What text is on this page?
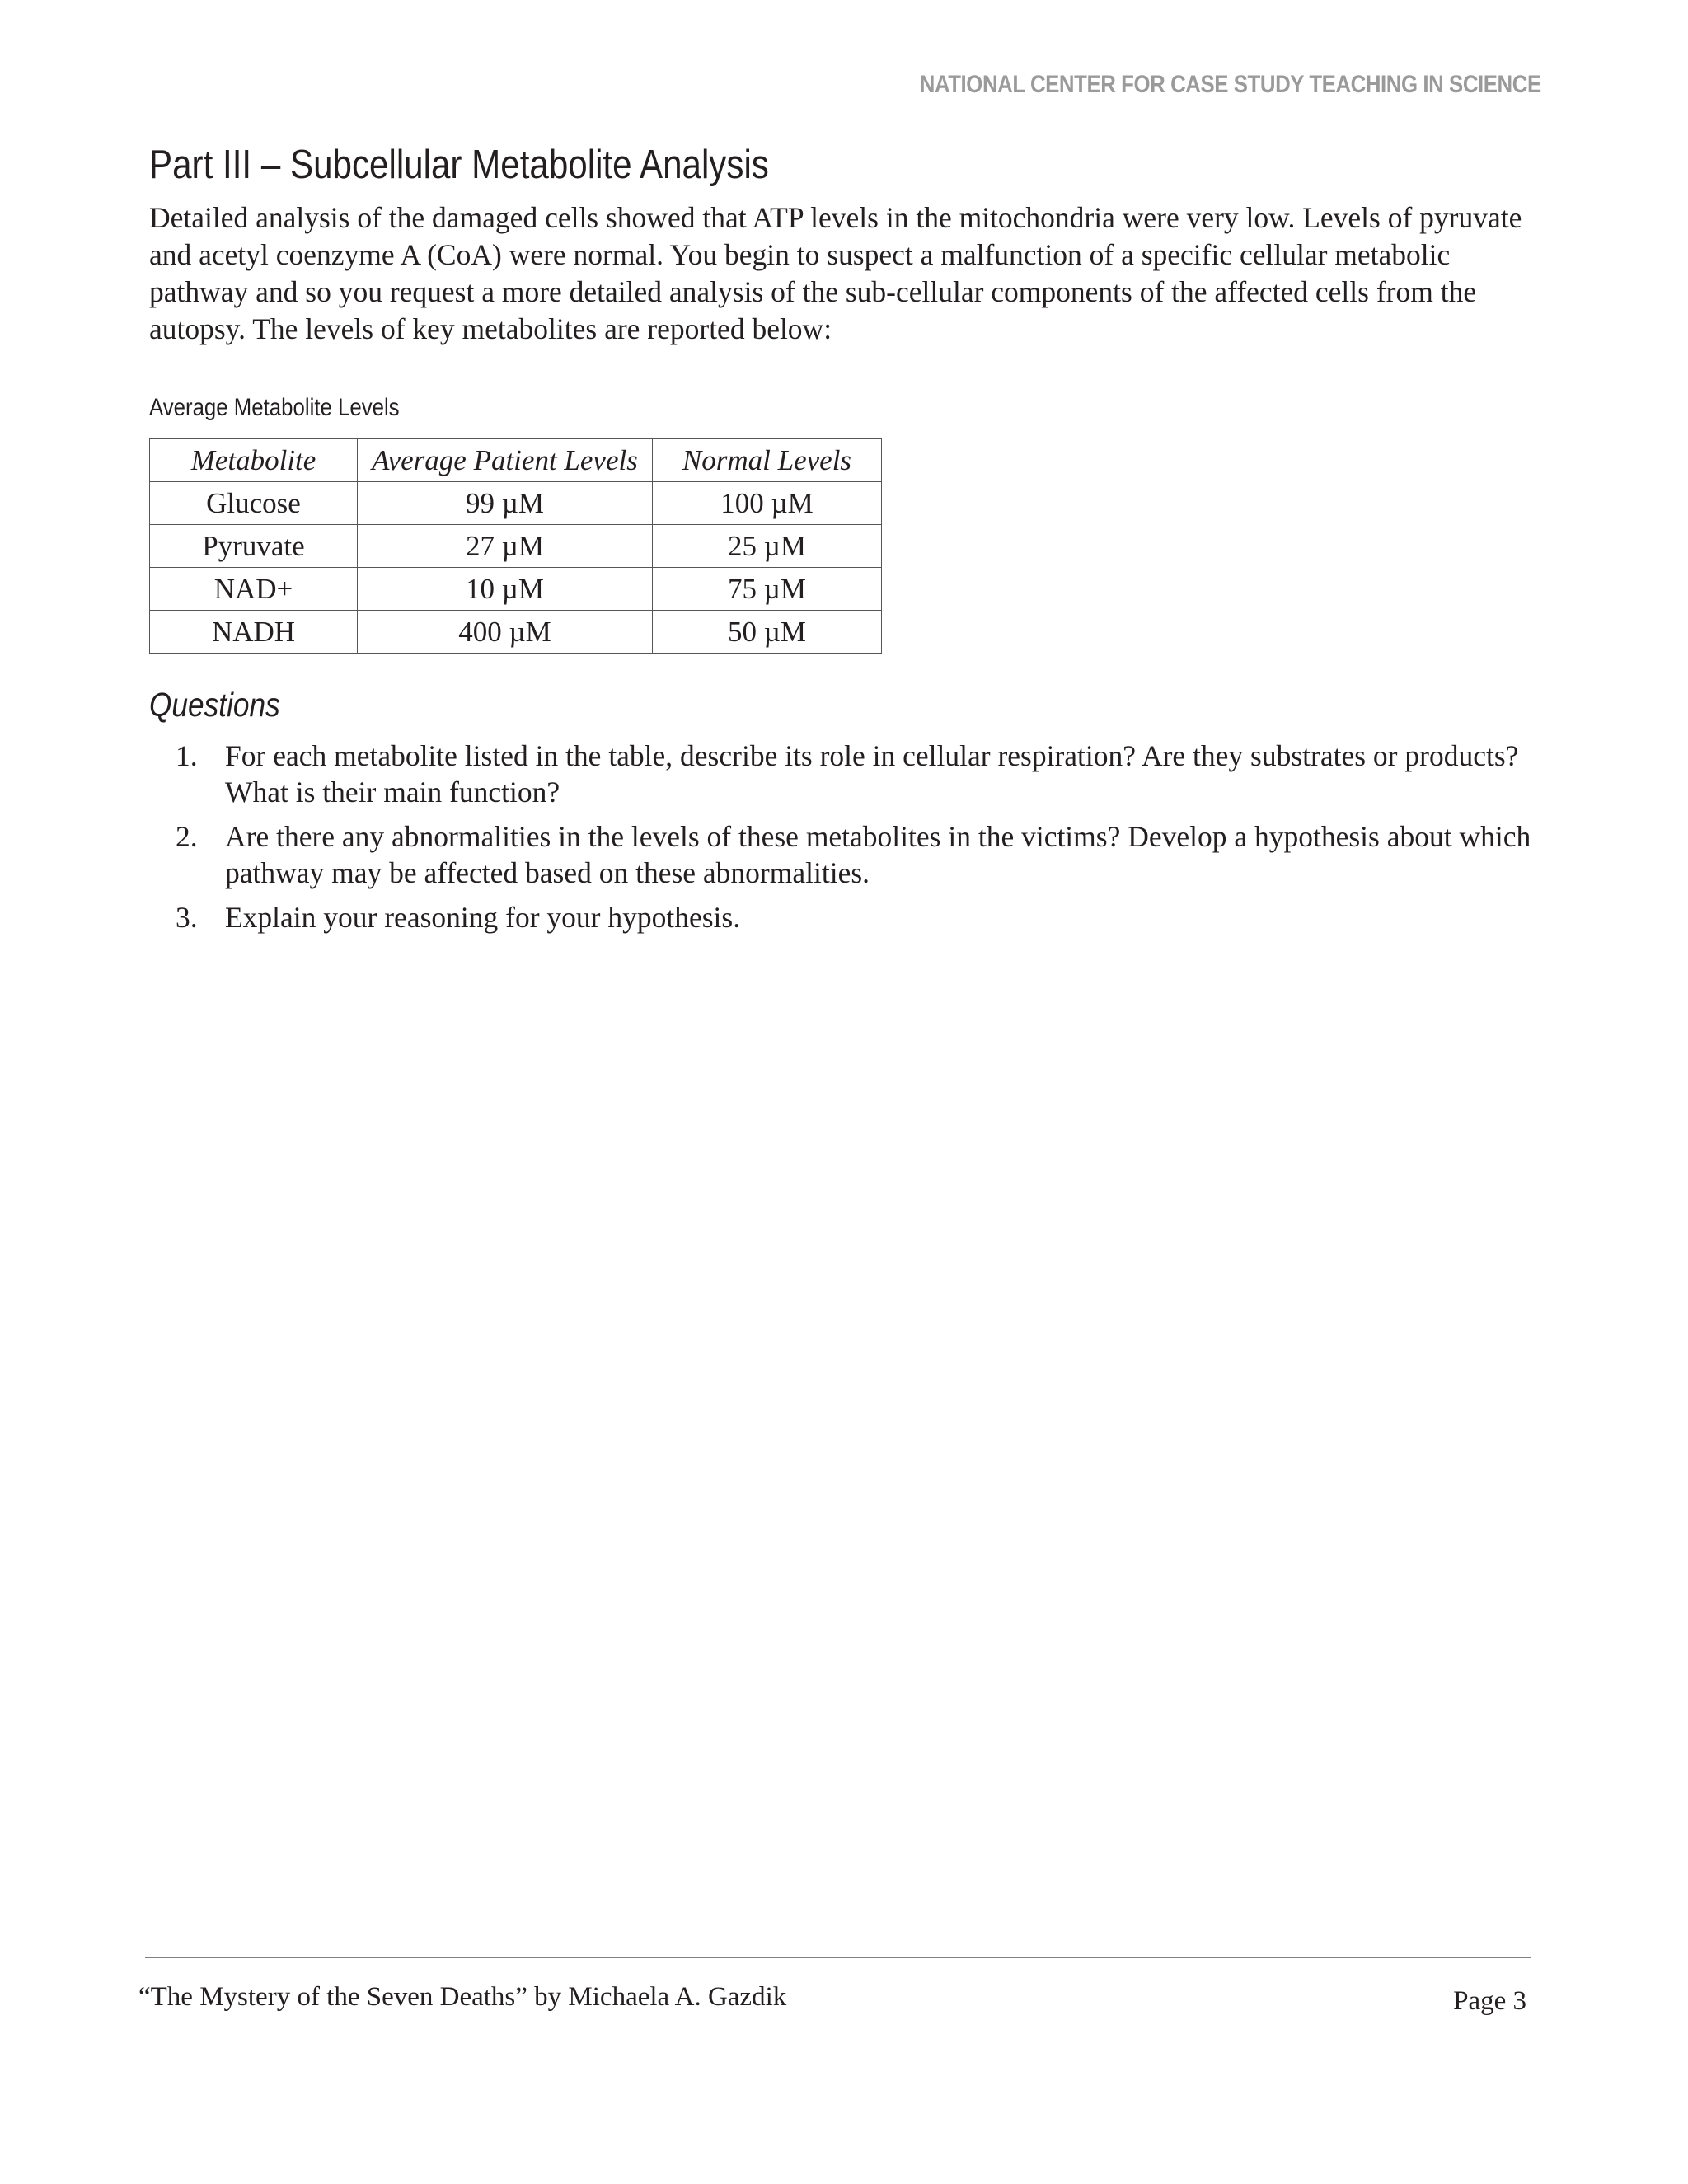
NATIONAL CENTER FOR CASE STUDY TEACHING IN SCIENCE
Part III – Subcellular Metabolite Analysis

Detailed analysis of the damaged cells showed that ATP levels in the mitochondria were very low. Levels of pyruvate and acetyl coenzyme A (CoA) were normal. You begin to suspect a malfunction of a specific cellular metabolic pathway and so you request a more detailed analysis of the sub-cellular components of the affected cells from the autopsy. The levels of key metabolites are reported below:

Average Metabolite Levels
Metabolite	Average Patient Levels	Normal Levels
Glucose	99 µM	100 µM
Pyruvate	27 µM	25 µM
NAD+	10 µM	75 µM
NADH	400 µM	50 µM
Questions
1. For each metabolite listed in the table, describe its role in cellular respiration? Are they substrates or products? What is their main function?
2. Are there any abnormalities in the levels of these metabolites in the victims? Develop a hypothesis about which pathway may be affected based on these abnormalities.
3. Explain your reasoning for your hypothesis.
“The Mystery of the Seven Deaths” by Michaela A. Gazdik	Page 3
